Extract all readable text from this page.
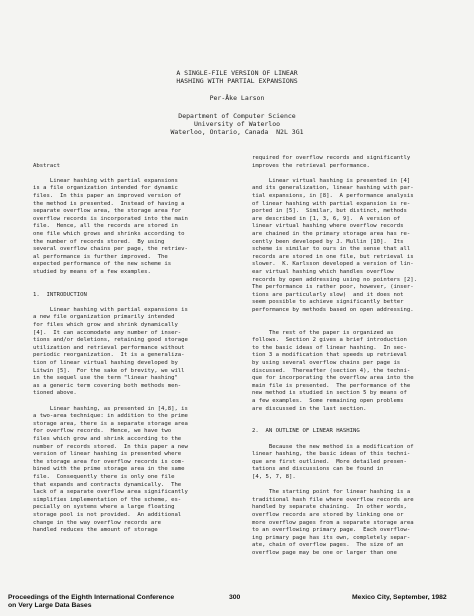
A SINGLE-FILE VERSION OF LINEAR
HASHING WITH PARTIAL EXPANSIONS
Per-Åke Larson
Department of Computer Science
University of Waterloo
Waterloo, Ontario, Canada  N2L 3G1

Abstract

Linear hashing with partial expansions
is a file organization intended for dynamic
files.  In this paper an improved version of
the method is presented.  Instead of having a
separate overflow area, the storage area for
overflow records is incorporated into the main
file.  Hence, all the records are stored in
one file which grows and shrinks according to
the number of records stored.  By using
several overflow chains per page, the retriev-
al performance is further improved.  The
expected performance of the new scheme is
studied by means of a few examples.

1.  INTRODUCTION

Linear hashing with partial expansions is
a new file organization primarily intended
for files which grow and shrink dynamically
[4].  It can accomodate any number of inser-
tions and/or deletions, retaining good storage
utilization and retrieval performance without
periodic reorganization.  It is a generaliza-
tion of linear virtual hashing developed by
Litwin [5].  For the sake of brevity, we will
in the sequel use the term "linear hashing"
as a generic term covering both methods men-
tioned above.

Linear hashing, as presented in [4,8], is
a two-area technique: in addition to the prime
storage area, there is a separate storage area
for overflow records.  Hence, we have two
files which grow and shrink according to the
number of records stored.  In this paper a new
version of linear hashing is presented where
the storage area for overflow records is com-
bined with the prime storage area in the same
file.  Consequently there is only one file
that expands and contracts dynamically.  The
lack of a separate overflow area significantly
simplifies implementation of the scheme, es-
pecially on systems where a large floating
storage pool is not provided.  An additional
change in the way overflow records are
handled reduces the amount of storage
required for overflow records and significantly
improves the retrieval performance.

Linear virtual hashing is presented in [4]
and its generalization, linear hashing with par-
tial expansions, in [8].  A performance analysis
of linear hashing with partial expansion is re-
ported in [5].  Similar, but distinct, methods
are described in [1, 3, 6, 9].  A version of
linear virtual hashing where overflow records
are chained in the primary storage area has re-
cently been developed by J. Mullin [10].  Its
scheme is similar to ours in the sense that all
records are stored in one file, but retrieval is
slower.  K. Karlsson developed a version of lin-
ear virtual hashing which handles overflow
records by open addressing using no pointers [2].
The performance is rather poor, however, (inser-
tions are particularly slow)  and it does not
seem possible to achieve significantly better
performance by methods based on open addressing.

The rest of the paper is organized as
follows.  Section 2 gives a brief introduction
to the basic ideas of linear hashing.  In sec-
tion 3 a modification that speeds up retrieval
by using several overflow chains per page is
discussed.  Thereafter (section 4), the techni-
que for incorporating the overflow area into the
main file is presented.  The performance of the
new method is studied in section 5 by means of
a few examples.  Some remaining open problems
are discussed in the last section.

2.  AN OUTLINE OF LINEAR HASHING

Because the new method is a modification of
linear hashing, the basic ideas of this techni-
que are first outlined.  More detailed presen-
tations and discussions can be found in
[4, 5, 7, 8].

The starting point for linear hashing is a
traditional hash file where overflow records are
handled by separate chaining.  In other words,
overflow records are stored by linking one or
more overflow pages from a separate storage area
to an overflowing primary page.  Each overflow-
ing primary page has its own, completely separ-
ate, chain of overflow pages.  The size of an
overflow page may be one or larger than one
Proceedings of the Eighth International Conference
on Very Large Data Bases
300	Mexico City, September, 1982
